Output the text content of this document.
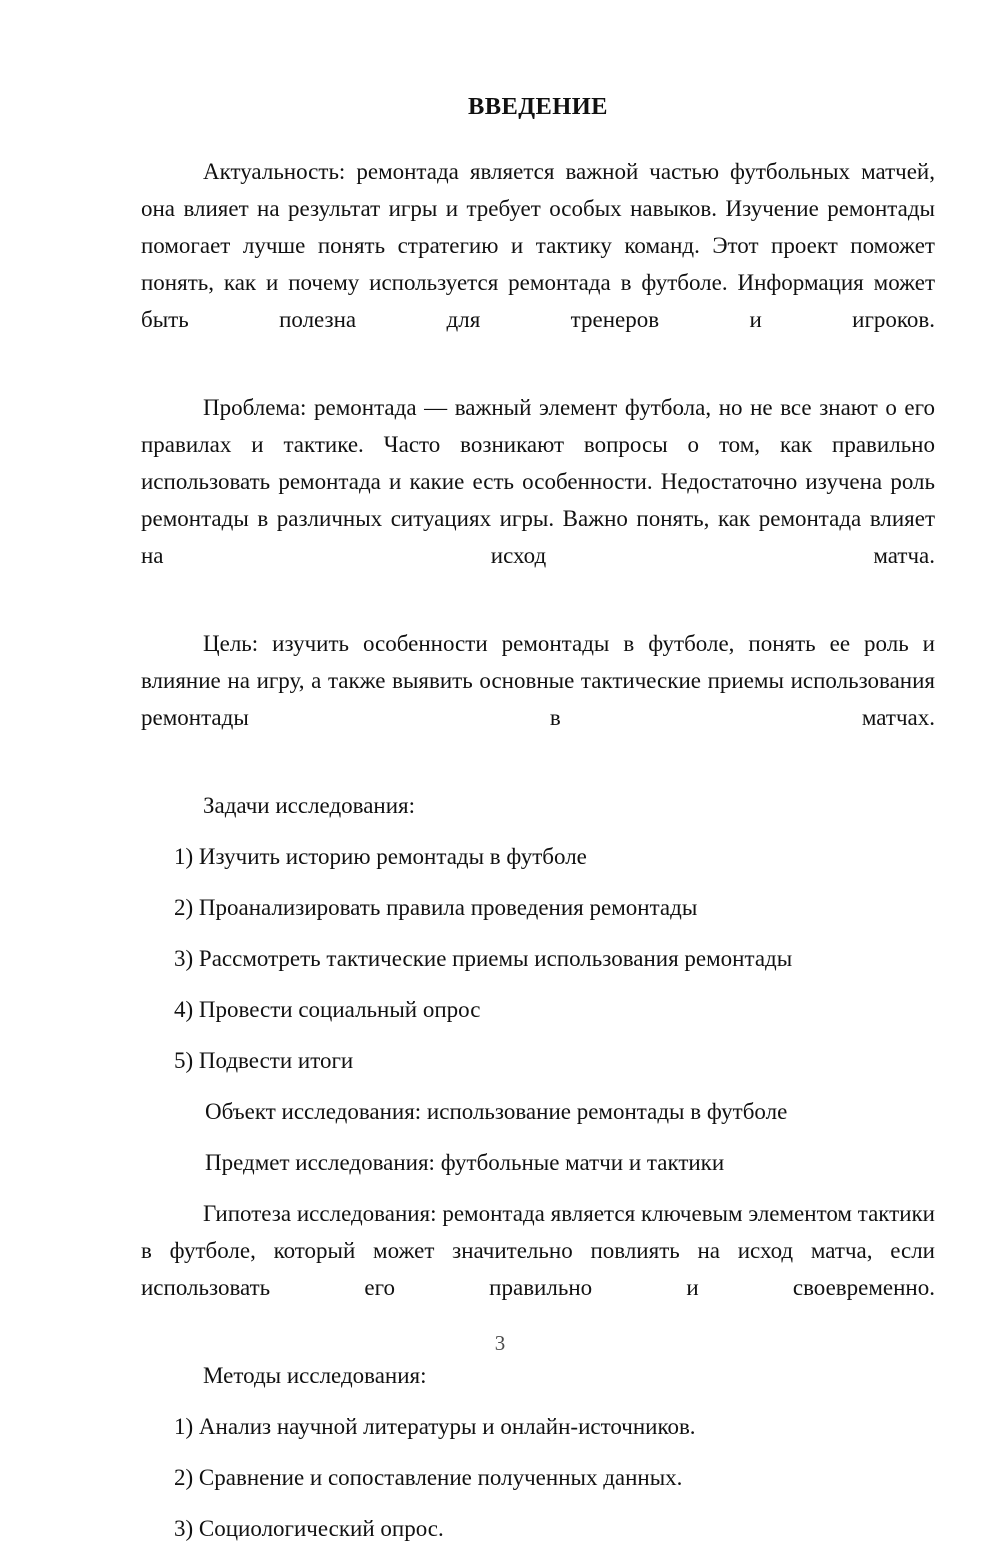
ВВЕДЕНИЕ

Актуальность: ремонтада является важной частью футбольных матчей, она влияет на результат игры и требует особых навыков. Изучение ремонтады помогает лучше понять стратегию и тактику команд. Этот проект поможет понять, как и почему используется ремонтада в футболе. Информация может быть полезна для тренеров и игроков.

Проблема: ремонтада — важный элемент футбола, но не все знают о его правилах и тактике. Часто возникают вопросы о том, как правильно использовать ремонтада и какие есть особенности. Недостаточно изучена роль ремонтады в различных ситуациях игры. Важно понять, как ремонтада влияет на исход матча.

Цель: изучить особенности ремонтады в футболе, понять ее роль и влияние на игру, а также выявить основные тактические приемы использования ремонтады в матчах.

Задачи исследования:

1) Изучить историю ремонтады в футболе
2) Проанализировать правила проведения ремонтады
3) Рассмотреть тактические приемы использования ремонтады
4) Провести социальный опрос
5) Подвести итоги

Объект исследования: использование ремонтады в футболе

Предмет исследования: футбольные матчи и тактики

Гипотеза исследования: ремонтада является ключевым элементом тактики в футболе, который может значительно повлиять на исход матча, если использовать его правильно и своевременно.

Методы исследования:

1) Анализ научной литературы и онлайн-источников.
2) Сравнение и сопоставление полученных данных.
3) Социологический опрос.
3
